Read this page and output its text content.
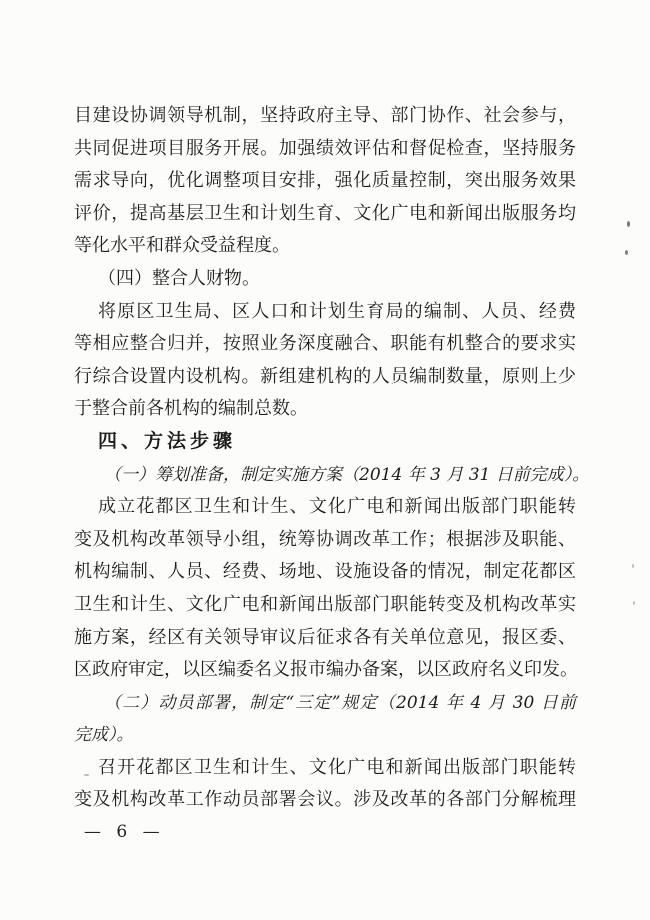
目建设协调领导机制，坚持政府主导、部门协作、社会参与，
共同促进项目服务开展。加强绩效评估和督促检查，坚持服务
需求导向，优化调整项目安排，强化质量控制，突出服务效果
评价，提高基层卫生和计划生育、文化广电和新闻出版服务均
等化水平和群众受益程度。
（四）整合人财物。
将原区卫生局、区人口和计划生育局的编制、人员、经费
等相应整合归并，按照业务深度融合、职能有机整合的要求实
行综合设置内设机构。新组建机构的人员编制数量，原则上少
于整合前各机构的编制总数。
四、方法步骤
（一）筹划准备，制定实施方案（2014 年 3 月 31 日前完成）。
成立花都区卫生和计生、文化广电和新闻出版部门职能转
变及机构改革领导小组，统筹协调改革工作；根据涉及职能、
机构编制、人员、经费、场地、设施设备的情况，制定花都区
卫生和计生、文化广电和新闻出版部门职能转变及机构改革实
施方案，经区有关领导审议后征求各有关单位意见，报区委、
区政府审定，以区编委名义报市编办备案，以区政府名义印发。
（二）动员部署，制定“三定”规定（2014 年 4 月 30 日前
完成）。
召开花都区卫生和计生、文化广电和新闻出版部门职能转
变及机构改革工作动员部署会议。涉及改革的各部门分解梳理
— 6 —
